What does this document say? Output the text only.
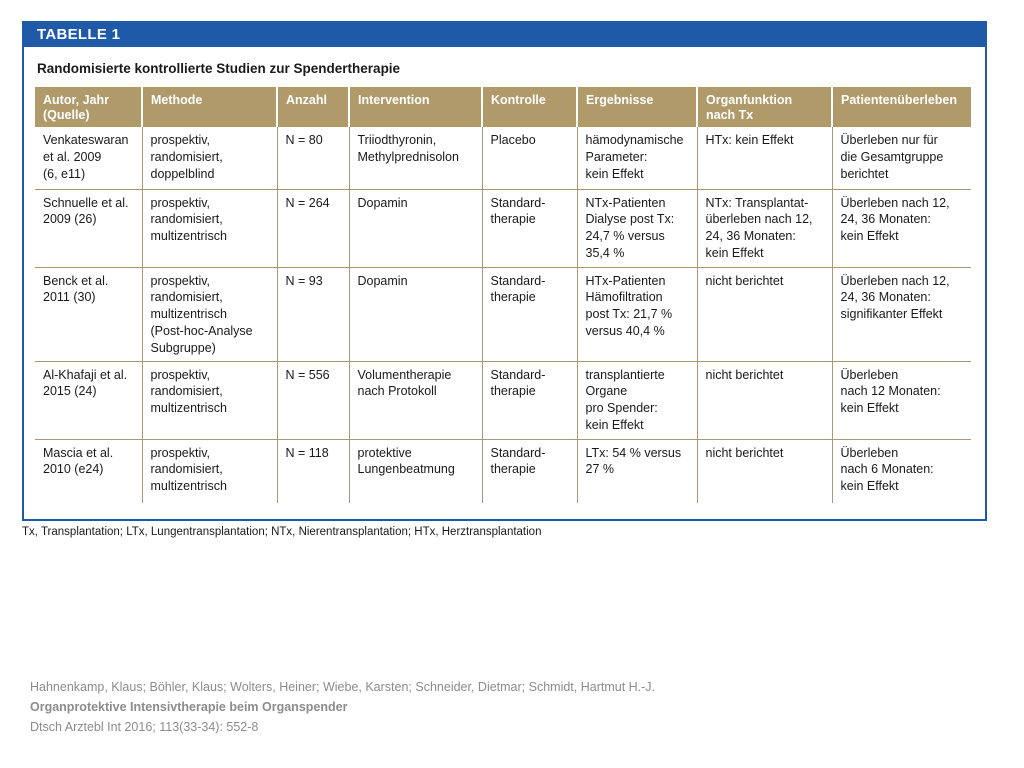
TABELLE 1
Randomisierte kontrollierte Studien zur Spendertherapie
Autor, Jahr
(Quelle)	Methode	Anzahl	Intervention	Kontrolle	Ergebnisse	Organfunktion
nach Tx	Patientenüberleben
Venkateswaran
et al. 2009
(6, e11)	prospektiv,
randomisiert,
doppelblind	N = 80	Triiodthyronin,
Methylprednisolon	Placebo	hämodynamische
Parameter:
kein Effekt	HTx: kein Effekt	Überleben nur für
die Gesamtgruppe
berichtet
Schnuelle et al.
2009 (26)	prospektiv,
randomisiert,
multizentrisch	N = 264	Dopamin	Standard-
therapie	NTx-Patienten
Dialyse post Tx:
24,7 % versus
35,4 %	NTx: Transplantat-
überleben nach 12,
24, 36 Monaten:
kein Effekt	Überleben nach 12,
24, 36 Monaten:
kein Effekt
Benck et al.
2011 (30)	prospektiv,
randomisiert,
multizentrisch
(Post-hoc-Analyse
Subgruppe)	N = 93	Dopamin	Standard-
therapie	HTx-Patienten
Hämofiltration
post Tx: 21,7 %
versus 40,4 %	nicht berichtet	Überleben nach 12,
24, 36 Monaten:
signifikanter Effekt
Al-Khafaji et al.
2015 (24)	prospektiv,
randomisiert,
multizentrisch	N = 556	Volumentherapie
nach Protokoll	Standard-
therapie	transplantierte
Organe
pro Spender:
kein Effekt	nicht berichtet	Überleben
nach 12 Monaten:
kein Effekt
Mascia et al.
2010 (e24)	prospektiv,
randomisiert,
multizentrisch	N = 118	protektive
Lungenbeatmung	Standard-
therapie	LTx: 54 % versus
27 %	nicht berichtet	Überleben
nach 6 Monaten:
kein Effekt
Tx, Transplantation; LTx, Lungentransplantation; NTx, Nierentransplantation; HTx, Herztransplantation
Hahnenkamp, Klaus; Böhler, Klaus; Wolters, Heiner; Wiebe, Karsten; Schneider, Dietmar; Schmidt, Hartmut H.-J.
Organprotektive Intensivtherapie beim Organspender
Dtsch Arztebl Int 2016; 113(33-34): 552-8
